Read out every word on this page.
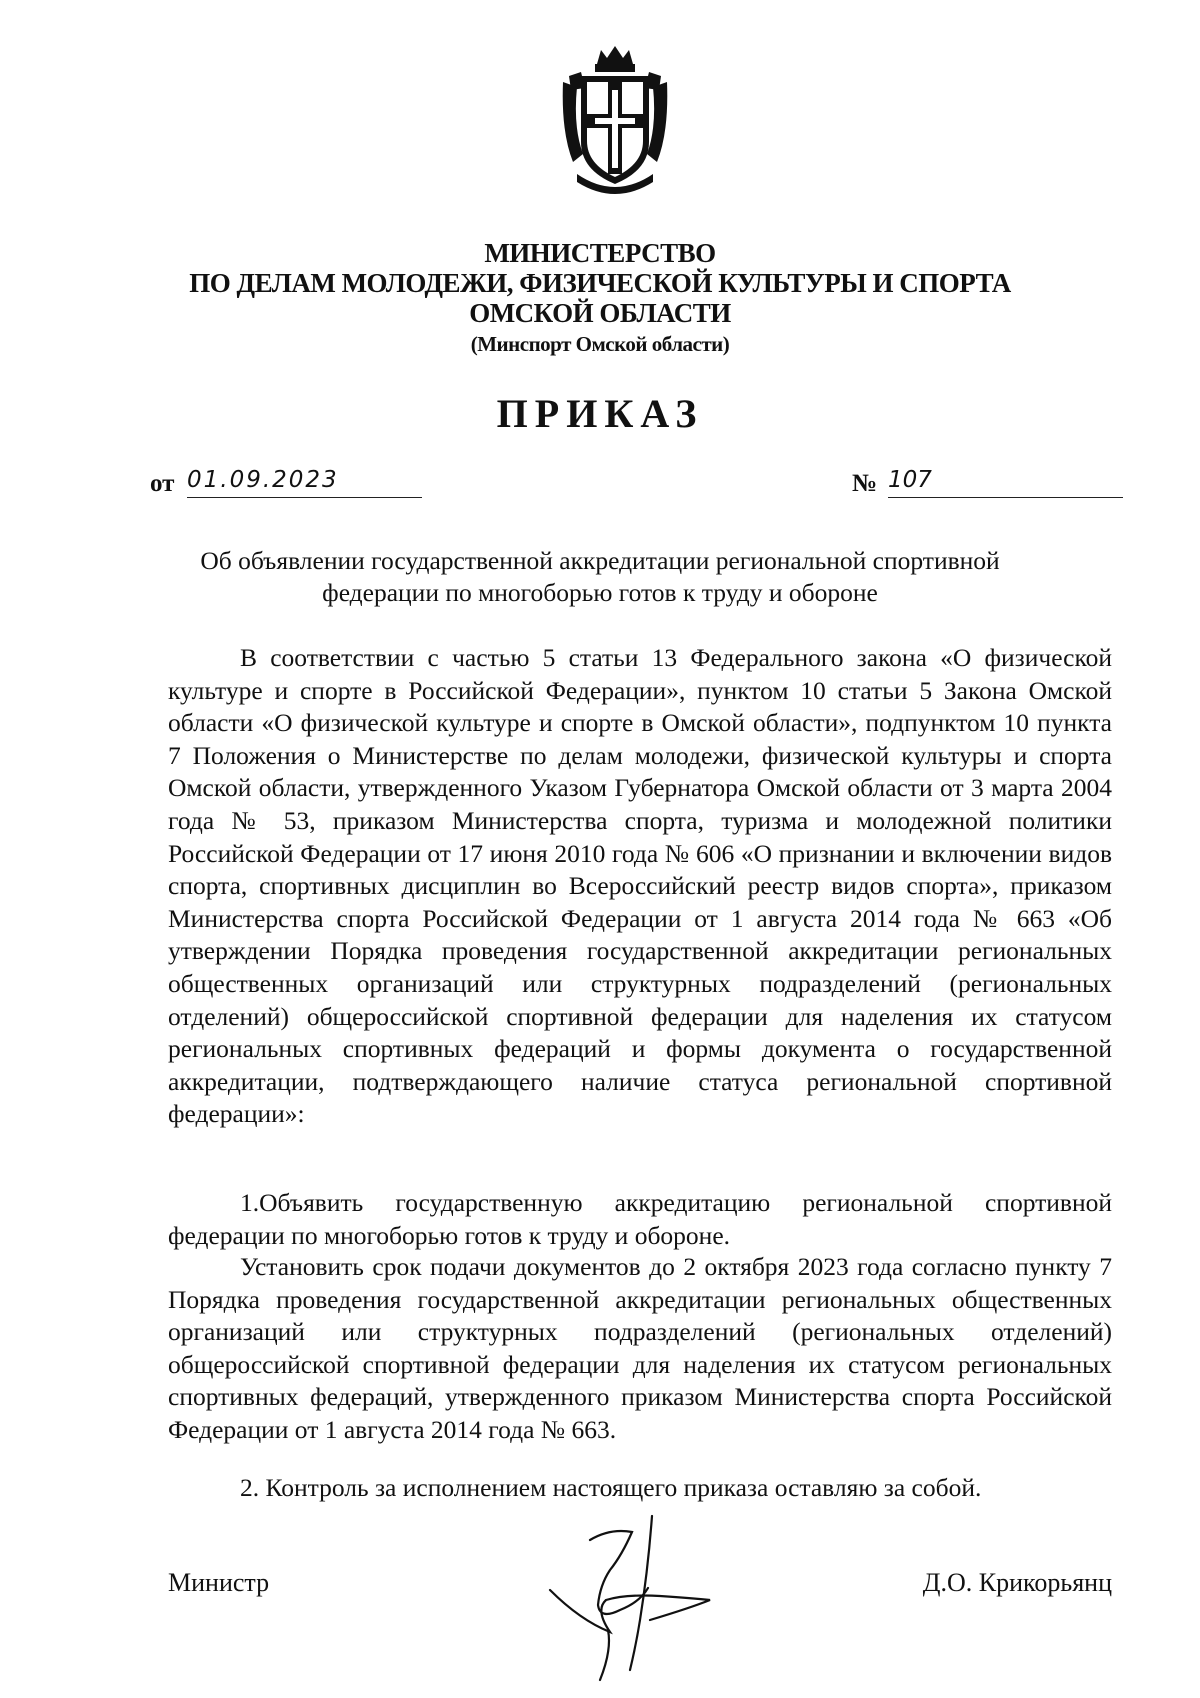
МИНИСТЕРСТВО
ПО ДЕЛАМ МОЛОДЕЖИ, ФИЗИЧЕСКОЙ КУЛЬТУРЫ И СПОРТА
ОМСКОЙ ОБЛАСТИ
(Минспорт Омской области)
ПРИКАЗ
от 01.09.2023	№ 107
Об объявлении государственной аккредитации региональной спортивной федерации по многоборью готов к труду и обороне

В соответствии с частью 5 статьи 13 Федерального закона «О физической культуре и спорте в Российской Федерации», пунктом 10 статьи 5 Закона Омской области «О физической культуре и спорте в Омской области», подпунктом 10 пункта 7 Положения о Министерстве по делам молодежи, физической культуры и спорта Омской области, утвержденного Указом Губернатора Омской области от 3 марта 2004 года № 53, приказом Министерства спорта, туризма и молодежной политики Российской Федерации от 17 июня 2010 года № 606 «О признании и включении видов спорта, спортивных дисциплин во Всероссийский реестр видов спорта», приказом Министерства спорта Российской Федерации от 1 августа 2014 года № 663 «Об утверждении Порядка проведения государственной аккредитации региональных общественных организаций или структурных подразделений (региональных отделений) общероссийской спортивной федерации для наделения их статусом региональных спортивных федераций и формы документа о государственной аккредитации, подтверждающего наличие статуса региональной спортивной федерации»:

1.Объявить государственную аккредитацию региональной спортивной федерации по многоборью готов к труду и обороне.

Установить срок подачи документов до 2 октября 2023 года согласно пункту 7 Порядка проведения государственной аккредитации региональных общественных организаций или структурных подразделений (региональных отделений) общероссийской спортивной федерации для наделения их статусом региональных спортивных федераций, утвержденного приказом Министерства спорта Российской Федерации от 1 августа 2014 года № 663.

2. Контроль за исполнением настоящего приказа оставляю за собой.

Министр	Д.О. Крикорьянц
